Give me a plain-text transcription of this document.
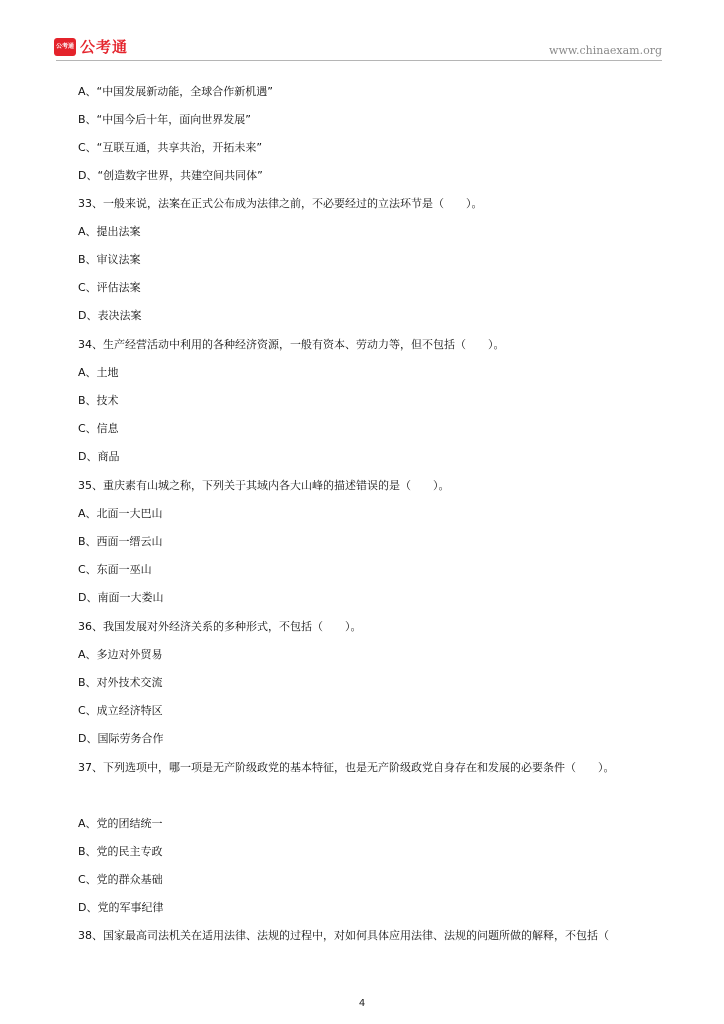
公考通 公考通	www.chinaexam.org
A、“中国发展新动能，全球合作新机遇”
B、“中国今后十年，面向世界发展”
C、“互联互通，共享共治，开拓未来”
D、“创造数字世界，共建空间共同体”
33、一般来说，法案在正式公布成为法律之前，不必要经过的立法环节是（　　）。
A、提出法案
B、审议法案
C、评估法案
D、表决法案
34、生产经营活动中利用的各种经济资源，一般有资本、劳动力等，但不包括（　　）。
A、土地
B、技术
C、信息
D、商品
35、重庆素有山城之称，下列关于其域内各大山峰的描述错误的是（　　）。
A、北面一大巴山
B、西面一缙云山
C、东面一巫山
D、南面一大娄山
36、我国发展对外经济关系的多种形式，不包括（　　）。
A、多边对外贸易
B、对外技术交流
C、成立经济特区
D、国际劳务合作
37、下列选项中，哪一项是无产阶级政党的基本特征，也是无产阶级政党自身存在和发展的必要条件（　　）。
A、党的团结统一
B、党的民主专政
C、党的群众基础
D、党的军事纪律
38、国家最高司法机关在适用法律、法规的过程中，对如何具体应用法律、法规的问题所做的解释，不包括（
4
